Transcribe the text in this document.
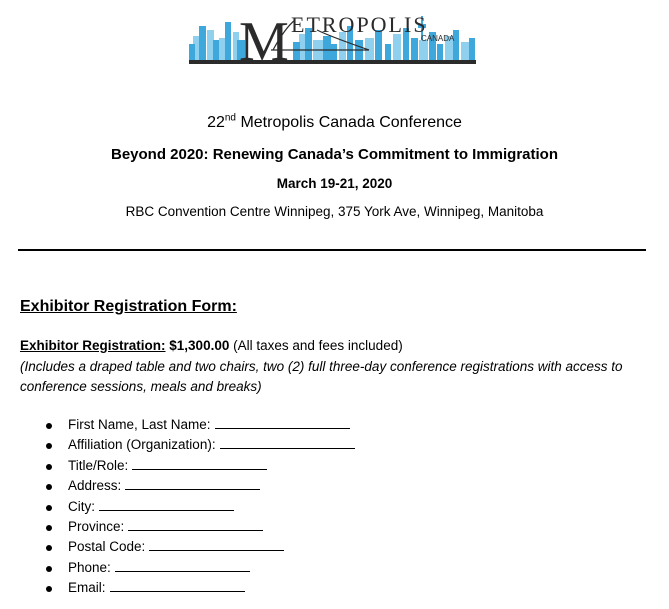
M ETROPOLIS
CANADA
22nd Metropolis Canada Conference
Beyond 2020: Renewing Canada’s Commitment to Immigration
March 19-21, 2020
RBC Convention Centre Winnipeg, 375 York Ave, Winnipeg, Manitoba
Exhibitor Registration Form:
Exhibitor Registration: $1,300.00 (All taxes and fees included)
(Includes a draped table and two chairs, two (2) full three-day conference registrations with access to conference sessions, meals and breaks)
First Name, Last Name:
Affiliation (Organization):
Title/Role:
Address:
City:
Province:
Postal Code:
Phone:
Email:
